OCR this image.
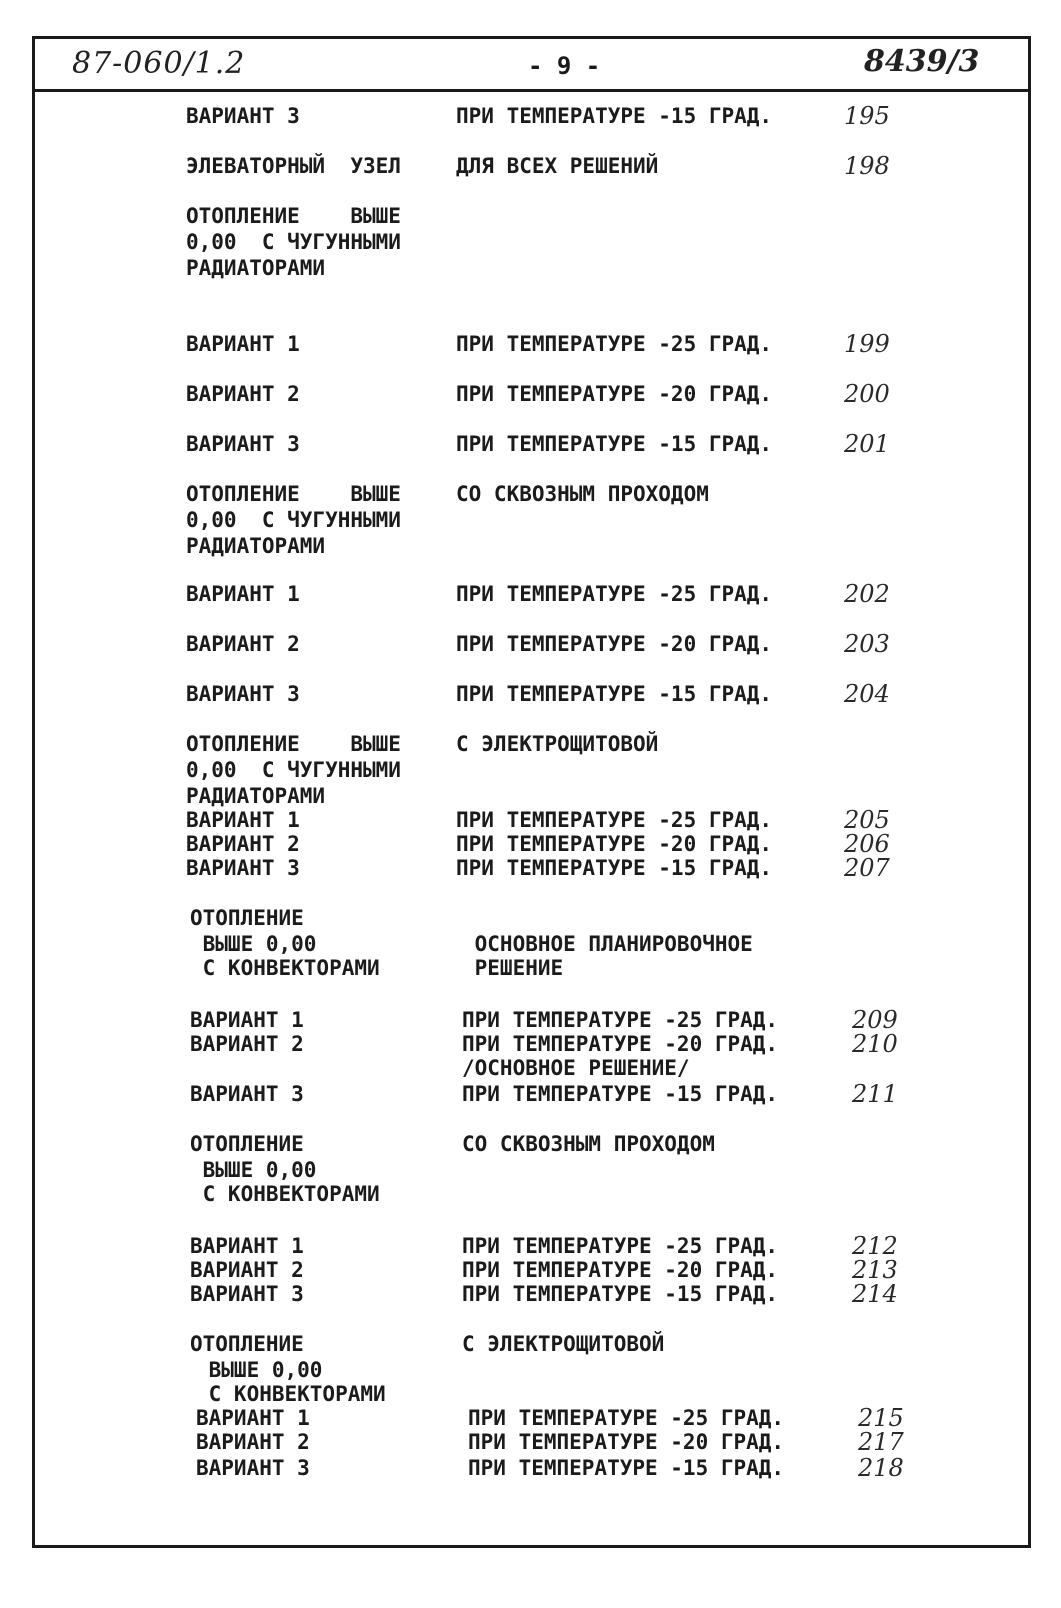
87-060/1.2	- 9 -	8439/3
ВАРИАНТ 3	ПРИ ТЕМПЕРАТУРЕ -15 ГРАД.	195
ЭЛЕВАТОРНЫЙ  УЗЕЛ	ДЛЯ ВСЕХ РЕШЕНИЙ	198
ОТОПЛЕНИЕ    ВЫШЕ
0,00  С ЧУГУННЫМИ
РАДИАТОРАМИ
ВАРИАНТ 1	ПРИ ТЕМПЕРАТУРЕ -25 ГРАД.	199
ВАРИАНТ 2	ПРИ ТЕМПЕРАТУРЕ -20 ГРАД.	200
ВАРИАНТ 3	ПРИ ТЕМПЕРАТУРЕ -15 ГРАД.	201
ОТОПЛЕНИЕ    ВЫШЕ	СО СКВОЗНЫМ ПРОХОДОМ
0,00  С ЧУГУННЫМИ
РАДИАТОРАМИ
ВАРИАНТ 1	ПРИ ТЕМПЕРАТУРЕ -25 ГРАД.	202
ВАРИАНТ 2	ПРИ ТЕМПЕРАТУРЕ -20 ГРАД.	203
ВАРИАНТ 3	ПРИ ТЕМПЕРАТУРЕ -15 ГРАД.	204
ОТОПЛЕНИЕ    ВЫШЕ	С ЭЛЕКТРОЩИТОВОЙ
0,00  С ЧУГУННЫМИ
РАДИАТОРАМИ
ВАРИАНТ 1	ПРИ ТЕМПЕРАТУРЕ -25 ГРАД.	205
ВАРИАНТ 2	ПРИ ТЕМПЕРАТУРЕ -20 ГРАД.	206
ВАРИАНТ 3	ПРИ ТЕМПЕРАТУРЕ -15 ГРАД.	207
ОТОПЛЕНИЕ
ВЫШЕ 0,00	ОСНОВНОЕ ПЛАНИРОВОЧНОЕ
С КОНВЕКТОРАМИ	РЕШЕНИЕ
ВАРИАНТ 1	ПРИ ТЕМПЕРАТУРЕ -25 ГРАД.	209
ВАРИАНТ 2	ПРИ ТЕМПЕРАТУРЕ -20 ГРАД.	210
/ОСНОВНОЕ РЕШЕНИЕ/
ВАРИАНТ 3	ПРИ ТЕМПЕРАТУРЕ -15 ГРАД.	211
ОТОПЛЕНИЕ	СО СКВОЗНЫМ ПРОХОДОМ
ВЫШЕ 0,00
С КОНВЕКТОРАМИ
ВАРИАНТ 1	ПРИ ТЕМПЕРАТУРЕ -25 ГРАД.	212
ВАРИАНТ 2	ПРИ ТЕМПЕРАТУРЕ -20 ГРАД.	213
ВАРИАНТ 3	ПРИ ТЕМПЕРАТУРЕ -15 ГРАД.	214
ОТОПЛЕНИЕ	С ЭЛЕКТРОЩИТОВОЙ
ВЫШЕ 0,00
С КОНВЕКТОРАМИ
ВАРИАНТ 1	ПРИ ТЕМПЕРАТУРЕ -25 ГРАД.	215
ВАРИАНТ 2	ПРИ ТЕМПЕРАТУРЕ -20 ГРАД.	217
ВАРИАНТ 3	ПРИ ТЕМПЕРАТУРЕ -15 ГРАД.	218
